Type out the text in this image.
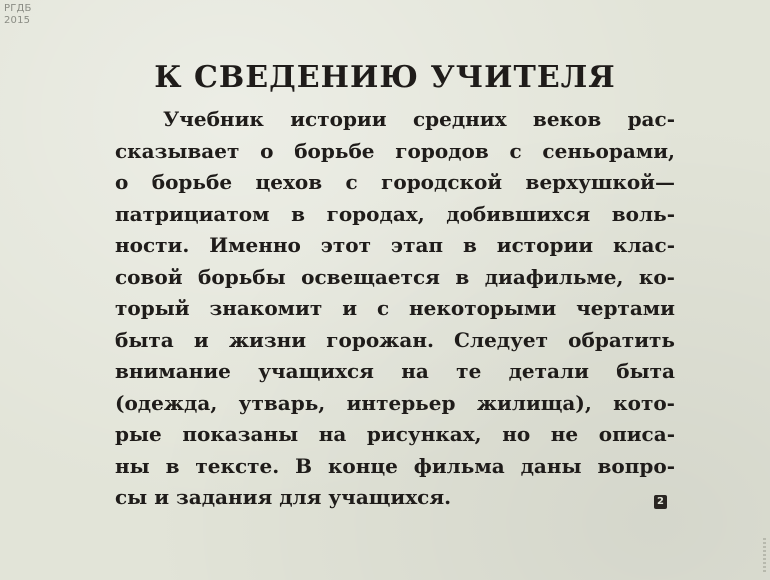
РГДБ
2015
К СВЕДЕНИЮ УЧИТЕЛЯ
Учебник истории средних веков рас-
сказывает о борьбе городов с сеньорами,
о борьбе цехов с городской верхушкой—
патрициатом в городах, добившихся воль-
ности. Именно этот этап в истории клас-
совой борьбы освещается в диафильме, ко-
торый знакомит и с некоторыми чертами
быта и жизни горожан. Следует обратить
внимание учащихся на те детали быта
(одежда, утварь, интерьер жилища), кото-
рые показаны на рисунках, но не описа-
ны в тексте. В конце фильма даны вопро-
сы и задания для учащихся.	2
